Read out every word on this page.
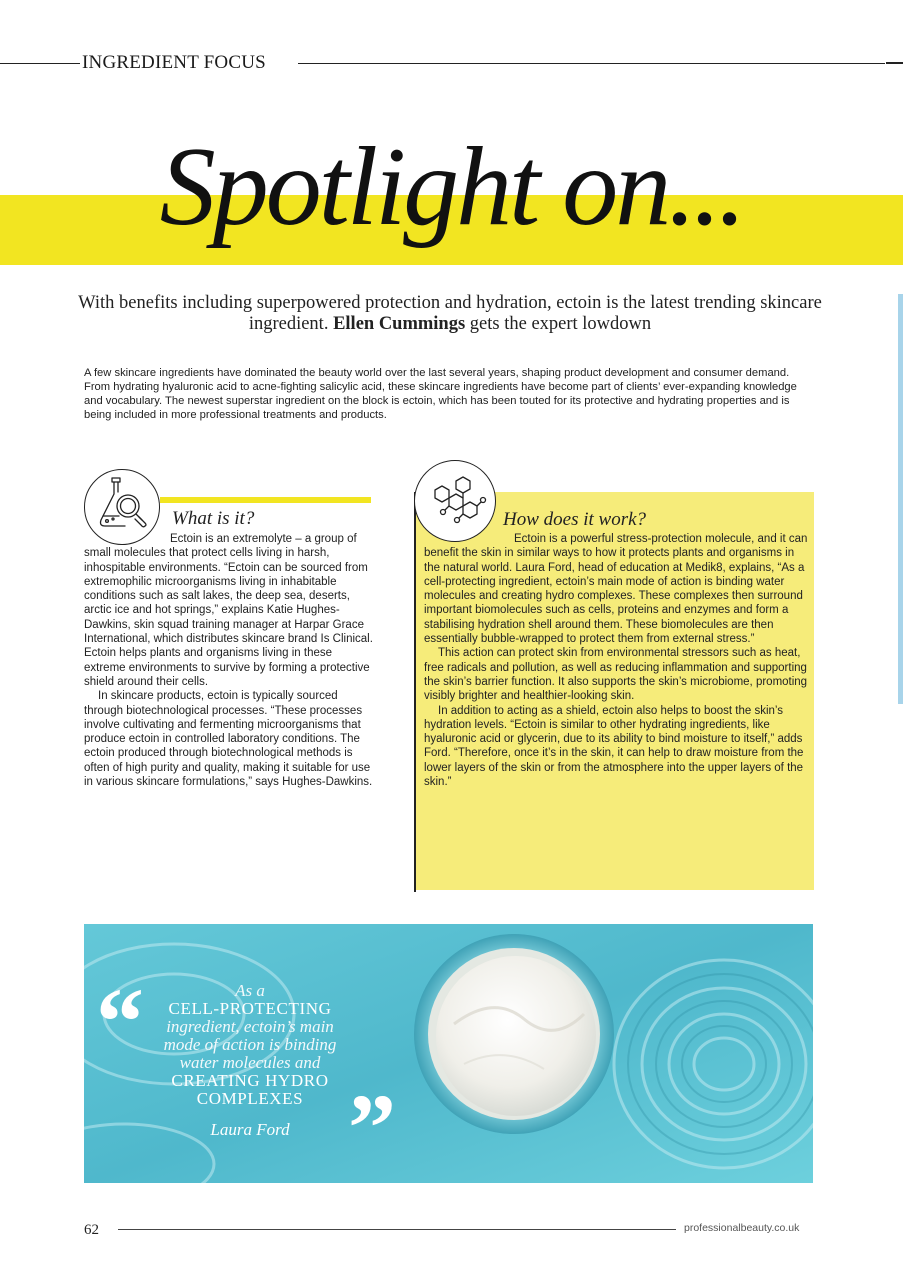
INGREDIENT FOCUS
Spotlight on...
With benefits including superpowered protection and hydration, ectoin is the latest trending skincare ingredient. Ellen Cummings gets the expert lowdown
A few skincare ingredients have dominated the beauty world over the last several years, shaping product development and consumer demand. From hydrating hyaluronic acid to acne-fighting salicylic acid, these skincare ingredients have become part of clients’ ever-expanding knowledge and vocabulary. The newest superstar ingredient on the block is ectoin, which has been touted for its protective and hydrating properties and is being included in more professional treatments and products.
What is it?

Ectoin is an extremolyte – a group of small molecules that protect cells living in harsh, inhospitable environments. “Ectoin can be sourced from extremophilic microorganisms living in inhabitable conditions such as salt lakes, the deep sea, deserts, arctic ice and hot springs,” explains Katie Hughes-Dawkins, skin squad training manager at Harpar Grace International, which distributes skincare brand Is Clinical. Ectoin helps plants and organisms living in these extreme environments to survive by forming a protective shield around their cells.

In skincare products, ectoin is typically sourced through biotechnological processes. “These processes involve cultivating and fermenting microorganisms that produce ectoin in controlled laboratory conditions. The ectoin produced through biotechnological methods is often of high purity and quality, making it suitable for use in various skincare formulations,” says Hughes-Dawkins.

How does it work?

Ectoin is a powerful stress-protection molecule, and it can benefit the skin in similar ways to how it protects plants and organisms in the natural world. Laura Ford, head of education at Medik8, explains, “As a cell-protecting ingredient, ectoin’s main mode of action is binding water molecules and creating hydro complexes. These complexes then surround important biomolecules such as cells, proteins and enzymes and form a stabilising hydration shell around them. These biomolecules are then essentially bubble-wrapped to protect them from external stress.”

This action can protect skin from environmental stressors such as heat, free radicals and pollution, as well as reducing inflammation and supporting the skin’s barrier function. It also supports the skin’s microbiome, promoting visibly brighter and healthier-looking skin.

In addition to acting as a shield, ectoin also helps to boost the skin’s hydration levels. “Ectoin is similar to other hydrating ingredients, like hyaluronic acid or glycerin, due to its ability to bind moisture to itself,” adds Ford. “Therefore, once it’s in the skin, it can help to draw moisture from the lower layers of the skin or from the atmosphere into the upper layers of the skin.”

“	As a
CELL-PROTECTING
ingredient, ectoin’s main mode of action is binding water molecules and
CREATING HYDRO COMPLEXES
Laura Ford ”
62	professionalbeauty.co.uk
